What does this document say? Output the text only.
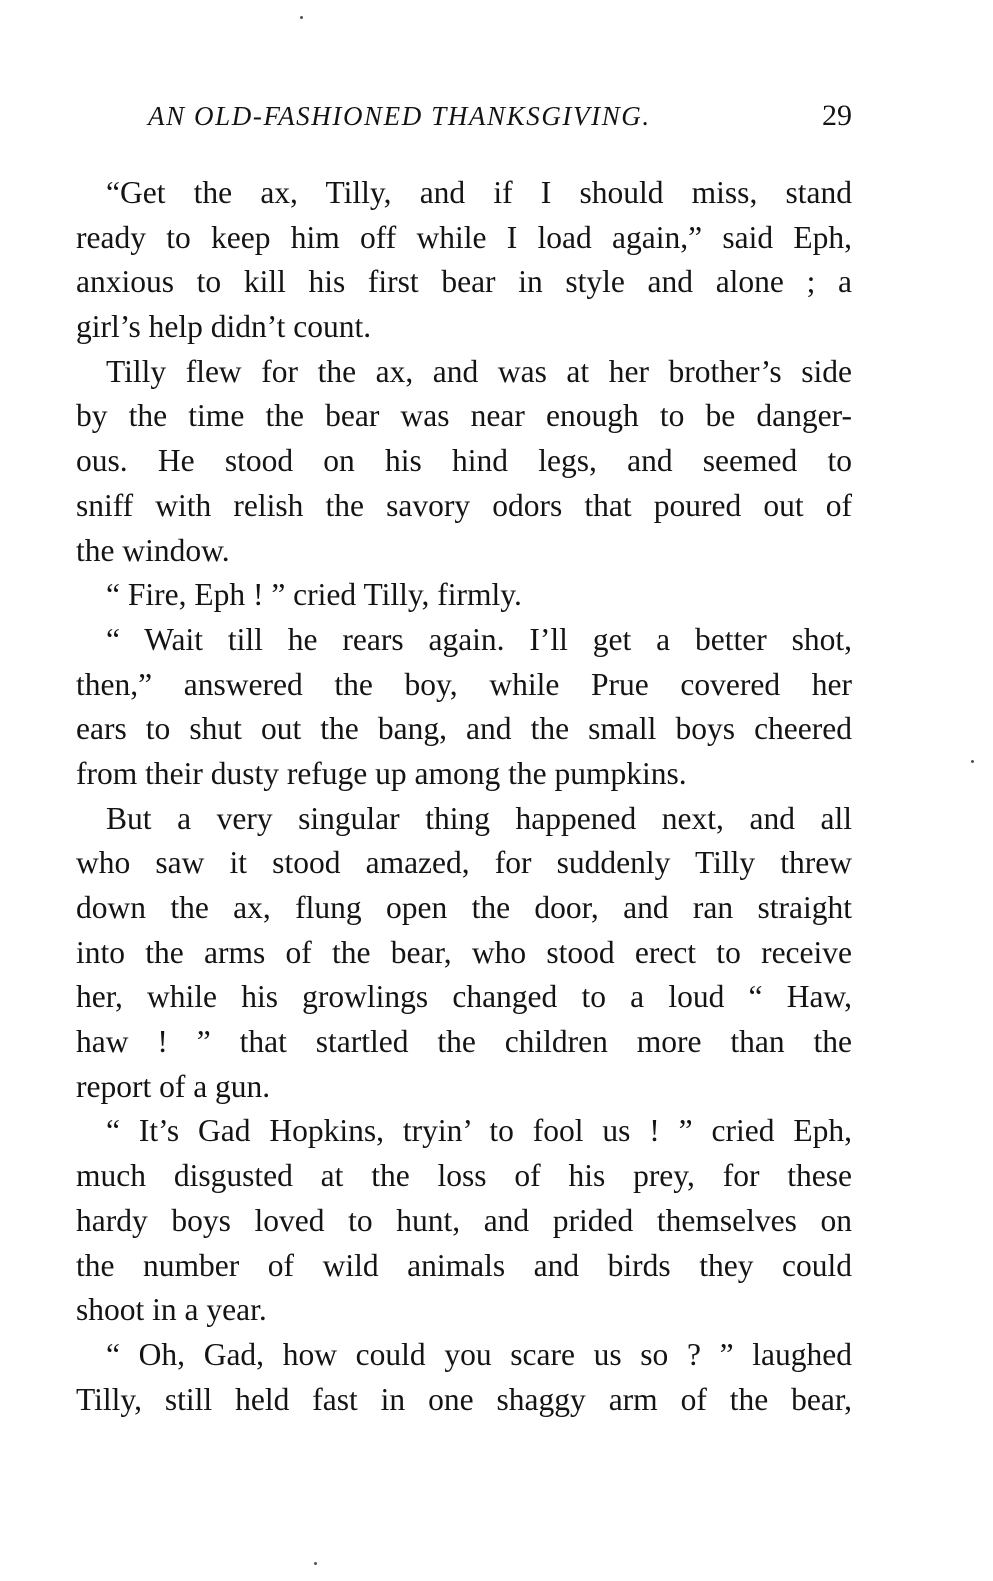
AN OLD-FASHIONED THANKSGIVING.	29
“Get the ax, Tilly, and if I should miss, stand
ready to keep him off while I load again,” said Eph,
anxious to kill his first bear in style and alone ; a
girl’s help didn’t count.
Tilly flew for the ax, and was at her brother’s side
by the time the bear was near enough to be danger-
ous. He stood on his hind legs, and seemed to
sniff with relish the savory odors that poured out of
the window.
“ Fire, Eph ! ” cried Tilly, firmly.
“ Wait till he rears again. I’ll get a better shot,
then,” answered the boy, while Prue covered her
ears to shut out the bang, and the small boys cheered
from their dusty refuge up among the pumpkins.
But a very singular thing happened next, and all
who saw it stood amazed, for suddenly Tilly threw
down the ax, flung open the door, and ran straight
into the arms of the bear, who stood erect to receive
her, while his growlings changed to a loud “ Haw,
haw ! ” that startled the children more than the
report of a gun.
“ It’s Gad Hopkins, tryin’ to fool us ! ” cried Eph,
much disgusted at the loss of his prey, for these
hardy boys loved to hunt, and prided themselves on
the number of wild animals and birds they could
shoot in a year.
“ Oh, Gad, how could you scare us so ? ” laughed
Tilly, still held fast in one shaggy arm of the bear,
